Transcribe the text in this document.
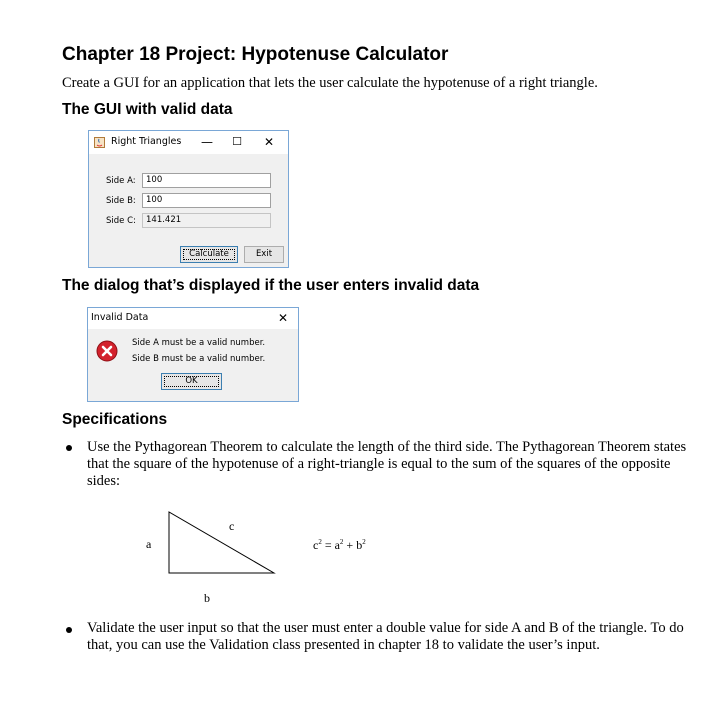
Chapter 18 Project: Hypotenuse Calculator
Create a GUI for an application that lets the user calculate the hypotenuse of a right triangle.
The GUI with valid data
Right Triangles	—	☐	✕
Side A:	100
Side B:	100
Side C:	141.421
Calculate	Exit
The dialog that’s displayed if the user enters invalid data
Invalid Data	✕
Side A must be a valid number.
Side B must be a valid number.
OK
Specifications
Use the Pythagorean Theorem to calculate the length of the third side. The Pythagorean Theorem states that the square of the hypotenuse of a right-triangle is equal to the sum of the squares of the opposite sides:
a
c
b
$c^2 = a^2 + b^2$
Validate the user input so that the user must enter a double value for side A and B of the triangle. To do that, you can use the Validation class presented in chapter 18 to validate the user’s input.
